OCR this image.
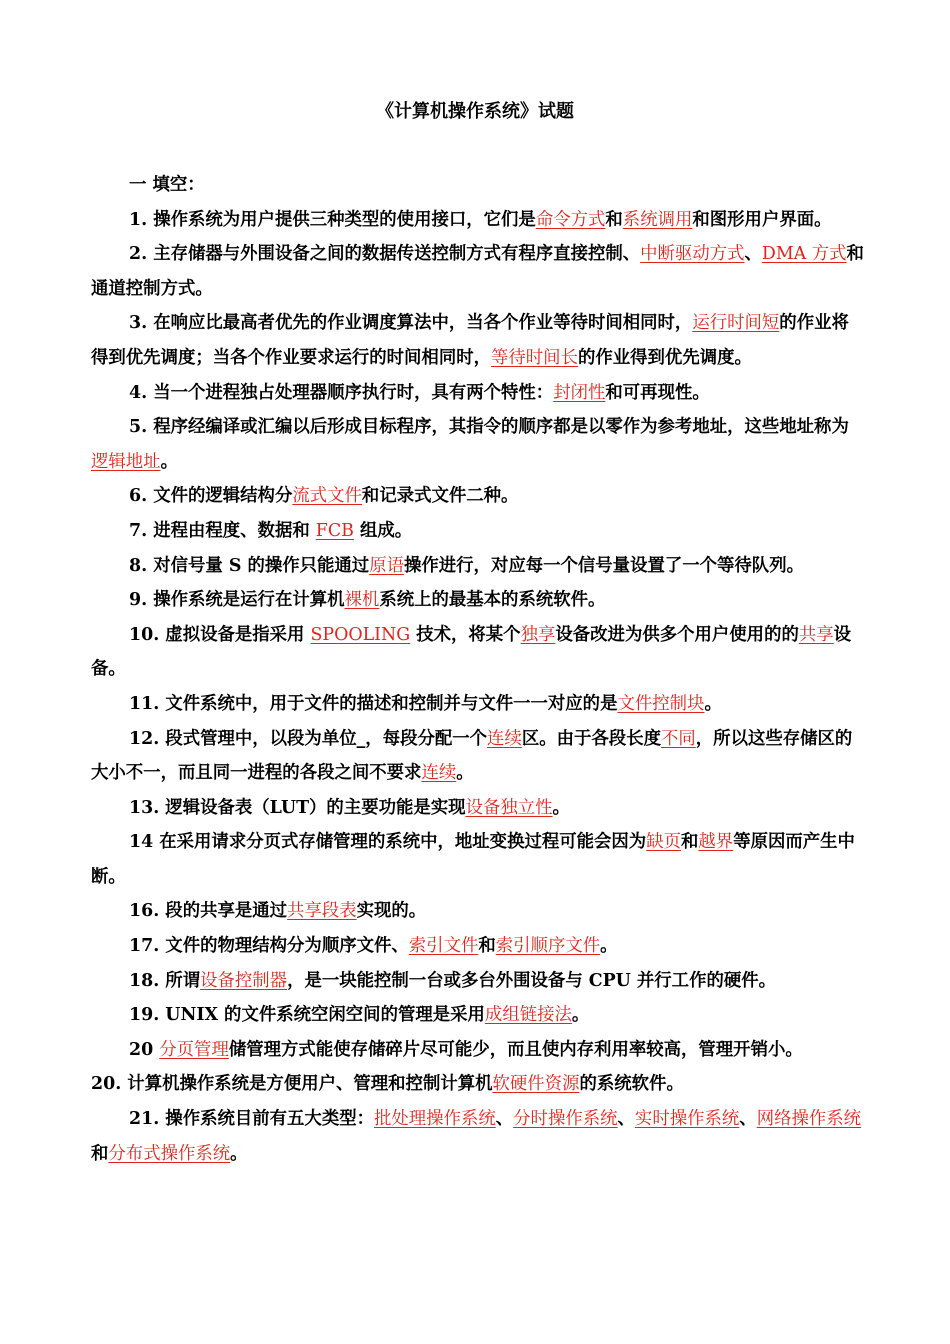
《计算机操作系统》试题

一 填空：

1. 操作系统为用户提供三种类型的使用接口，它们是命令方式和系统调用和图形用户界面。

2. 主存储器与外围设备之间的数据传送控制方式有程序直接控制、中断驱动方式、DMA 方式和通道控制方式。

3. 在响应比最高者优先的作业调度算法中，当各个作业等待时间相同时，运行时间短的作业将得到优先调度；当各个作业要求运行的时间相同时，等待时间长的作业得到优先调度。

4. 当一个进程独占处理器顺序执行时，具有两个特性：封闭性和可再现性。

5. 程序经编译或汇编以后形成目标程序，其指令的顺序都是以零作为参考地址，这些地址称为逻辑地址。

6. 文件的逻辑结构分流式文件和记录式文件二种。

7. 进程由程度、数据和 FCB 组成。

8. 对信号量 S 的操作只能通过原语操作进行，对应每一个信号量设置了一个等待队列。

9. 操作系统是运行在计算机裸机系统上的最基本的系统软件。

10. 虚拟设备是指采用 SPOOLING 技术，将某个独享设备改进为供多个用户使用的的共享设备。

11. 文件系统中，用于文件的描述和控制并与文件一一对应的是文件控制块。

12. 段式管理中，以段为单位_，每段分配一个连续区。由于各段长度不同，所以这些存储区的大小不一，而且同一进程的各段之间不要求连续。

13. 逻辑设备表（LUT）的主要功能是实现设备独立性。

14 在采用请求分页式存储管理的系统中，地址变换过程可能会因为缺页和越界等原因而产生中断。

16. 段的共享是通过共享段表实现的。

17. 文件的物理结构分为顺序文件、索引文件和索引顺序文件。

18. 所谓设备控制器，是一块能控制一台或多台外围设备与 CPU 并行工作的硬件。

19. UNIX 的文件系统空闲空间的管理是采用成组链接法。

20 分页管理储管理方式能使存储碎片尽可能少，而且使内存利用率较高，管理开销小。

20. 计算机操作系统是方便用户、管理和控制计算机软硬件资源的系统软件。

21. 操作系统目前有五大类型：批处理操作系统、分时操作系统、实时操作系统、网络操作系统和分布式操作系统。
